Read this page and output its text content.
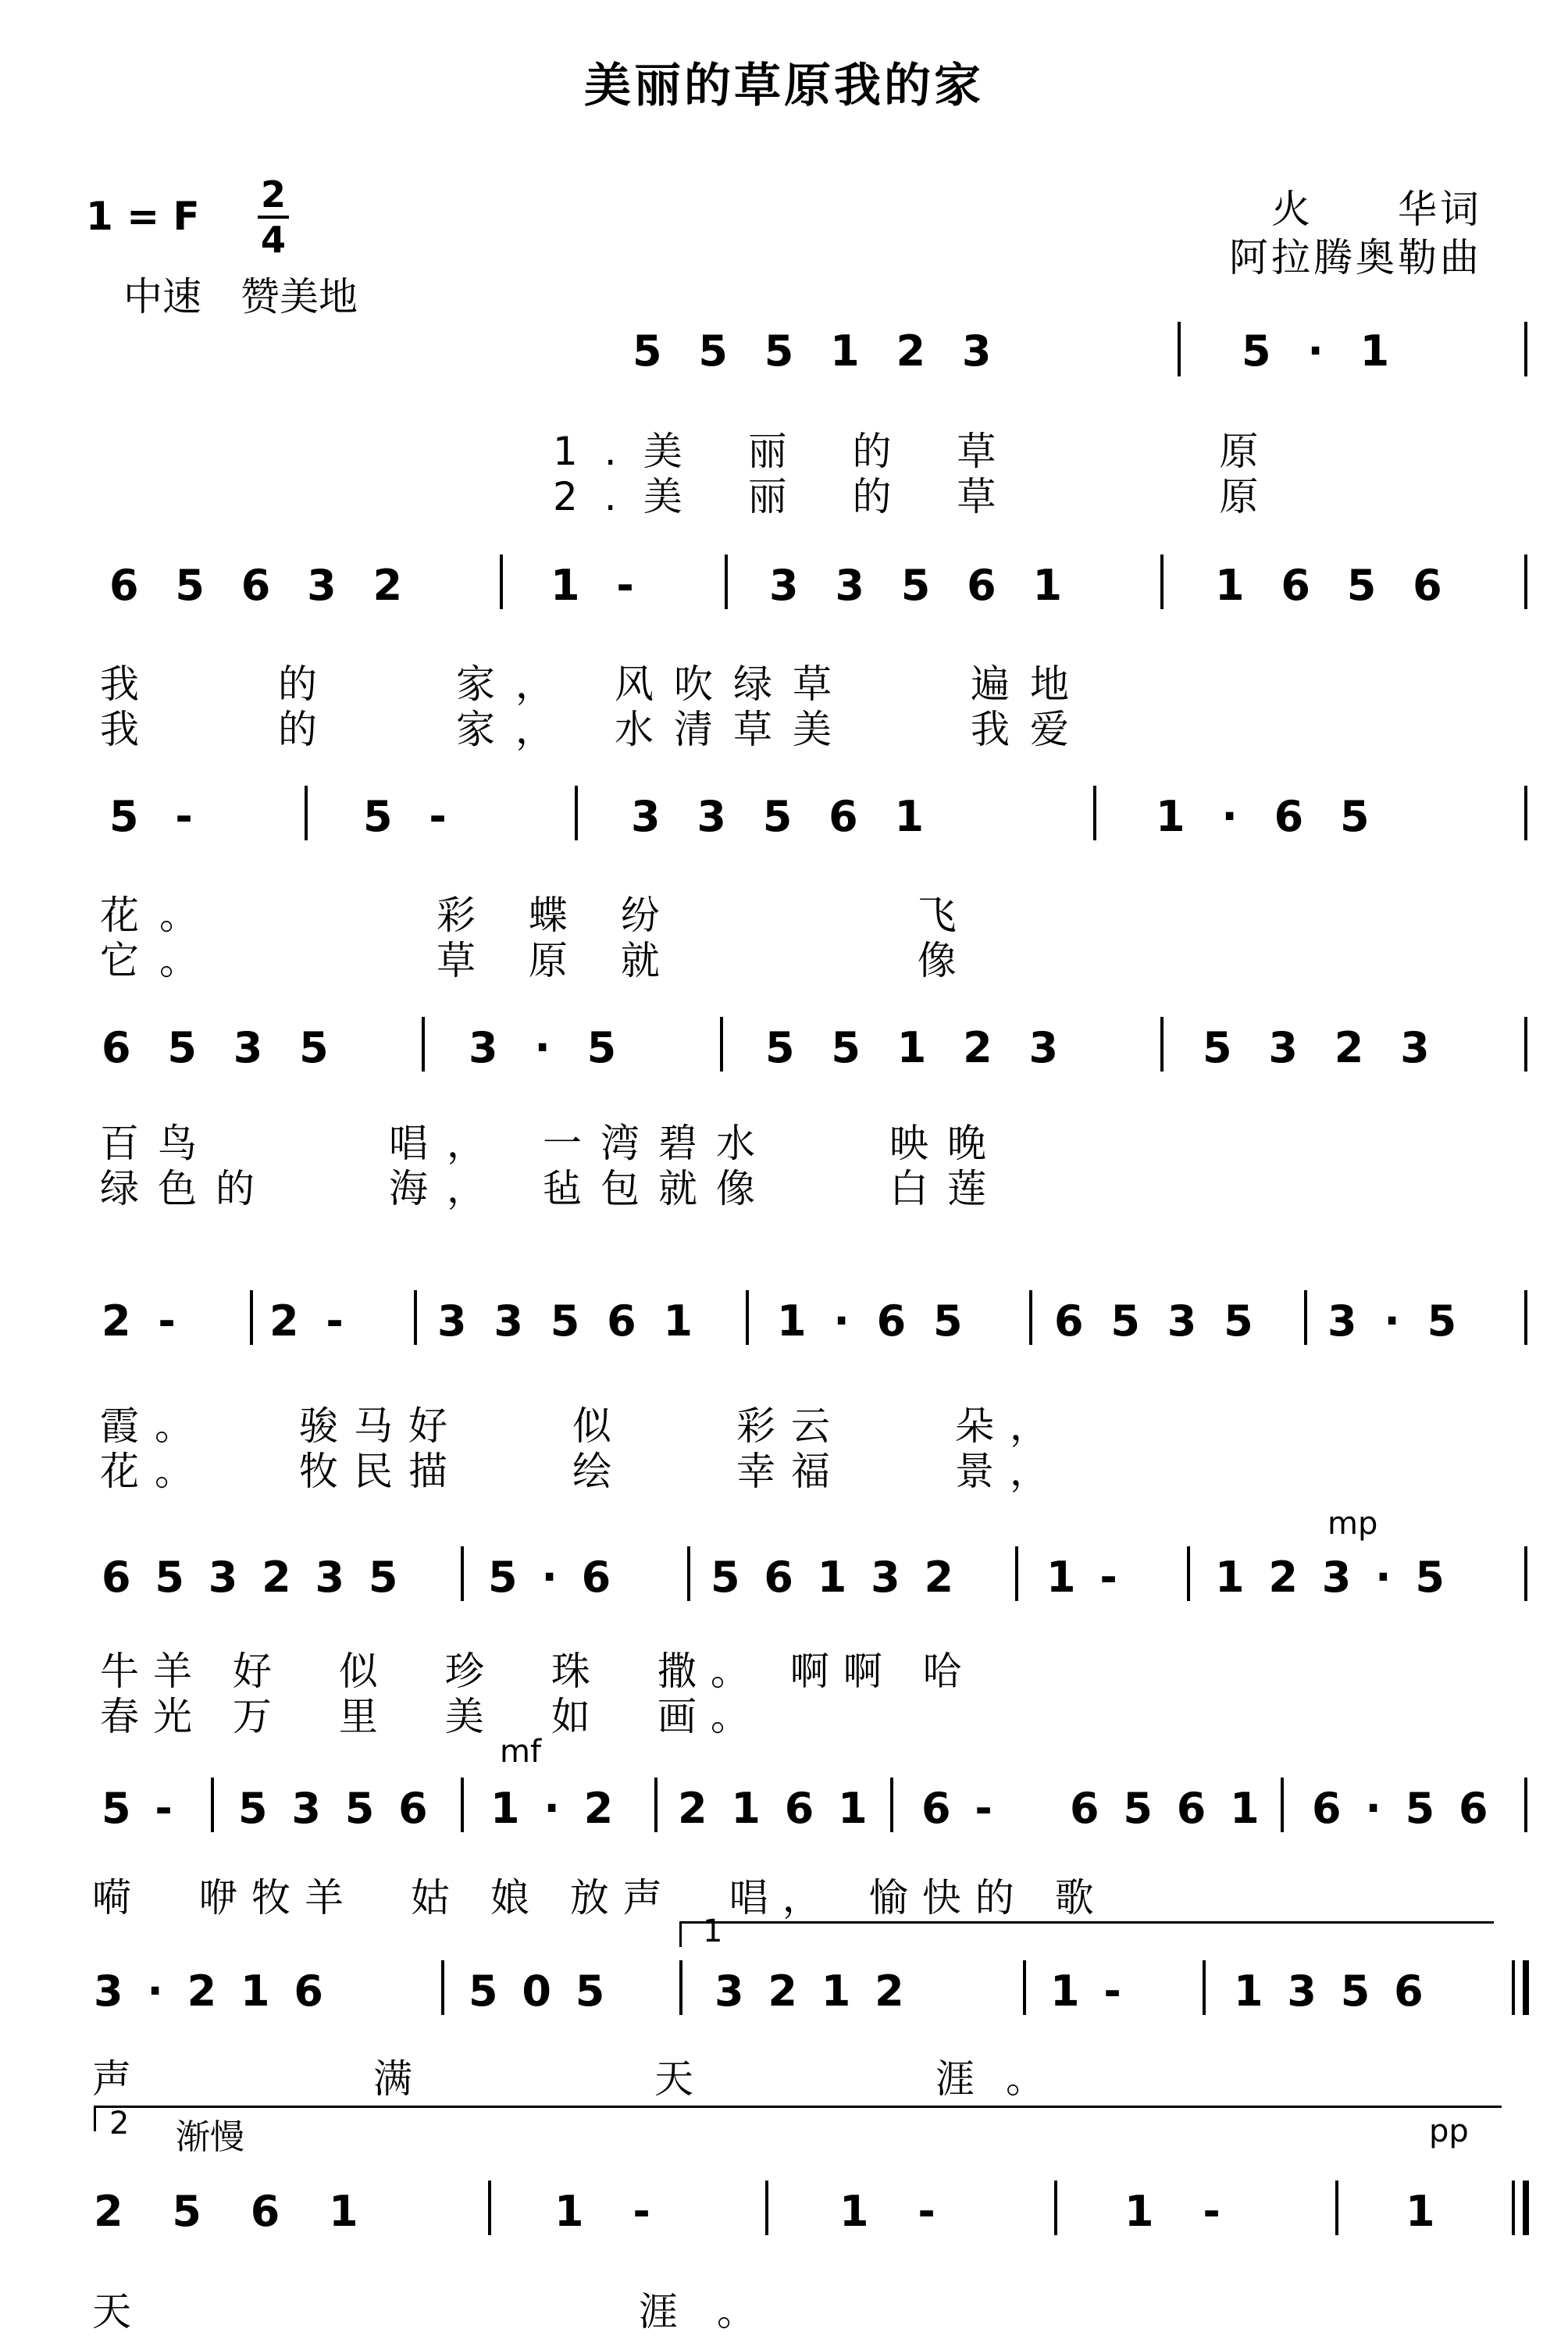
美丽的草原我的家
1 = F 2
4
中速　赞美地
火　　华词
阿拉腾奥勒曲
5 5 5 1 2 3	5 · 1
1.美 丽 的 草　　　原
2.美 丽 的 草　　　原
6 5 6 3 2	1 -	3 3 5 6 1	1 6 5 6
我　　的　　家，　风吹绿草　　遍地
我　　的　　家，　水清草美　　我爱
5 -	5 -	3 3 5 6 1	1 · 6 5
花。　　　　彩 蝶 纷　　　　飞
它。　　　　草 原 就　　　　像
6 5 3 5	3 · 5	5 5 1 2 3	5 3 2 3
百鸟　　　唱，　一湾碧水　　映晚
绿色的　　海，　毡包就像　　白莲
2 - 2 - 3 3 5 6 1 1 · 6 5 6 5 3 5 3 · 5
霞。　　骏马好　　似　　彩云　　朵，
花。　　牧民描　　绘　　幸福　　景，
6 5 3 2 3 5 5 · 6 5 6 1 3 2 1 - 1 2 3 · 5
mp
牛羊 好　似　珍　珠　撒。 啊啊 哈
春光 万　里　美　如　画。
mf
5 - 5 3 5 6 1 · 2 2 1 6 1 6 - 6 5 6 1 6 · 5 6
嗬　咿牧羊　姑 娘 放声　唱，　愉快的 歌
1
3 · 2 1 6	5 0 5 3 2 1 2	1 -	1 3 5 6
声　　　满　　　天　　　涯。
2 渐慢	pp
2 5 6 1	1 -	1 -	1 -	1
天　　　　　　涯。
